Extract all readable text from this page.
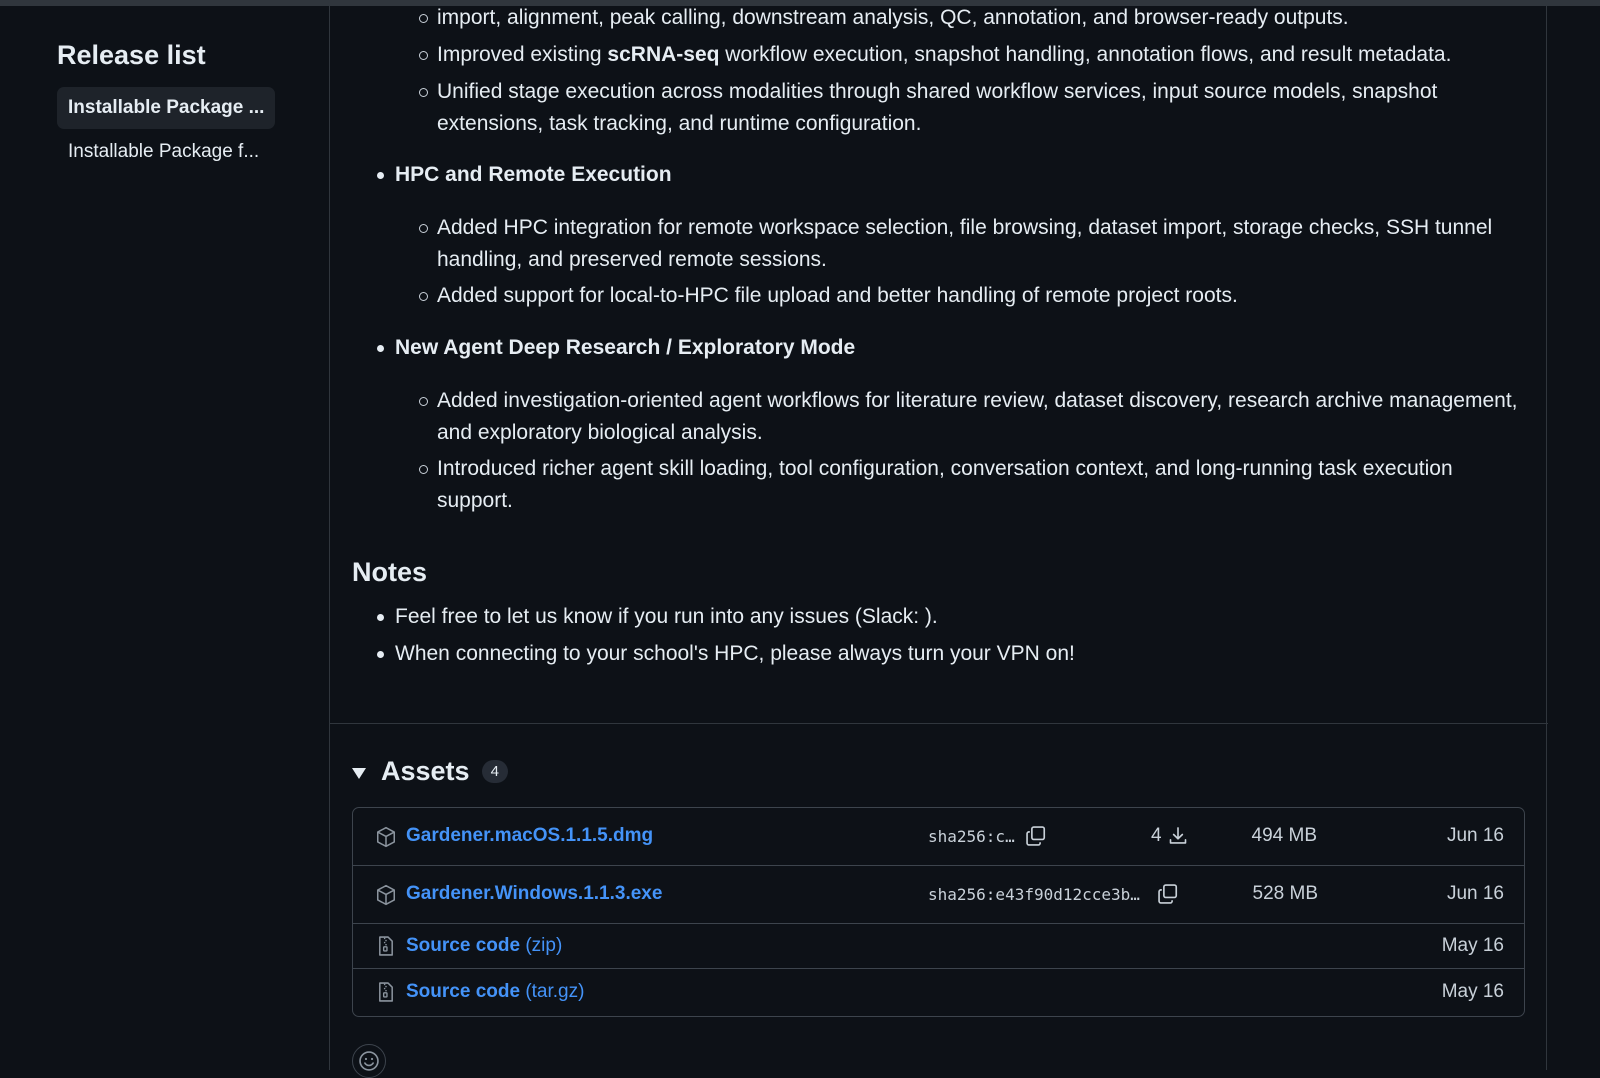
Release list
Installable Package ...
Installable Package f...
import, alignment, peak calling, downstream analysis, QC, annotation, and browser-ready outputs.
Improved existing scRNA-seq workflow execution, snapshot handling, annotation flows, and result metadata.
Unified stage execution across modalities through shared workflow services, input source models, snapshot extensions, task tracking, and runtime configuration.
HPC and Remote Execution
Added HPC integration for remote workspace selection, file browsing, dataset import, storage checks, SSH tunnel handling, and preserved remote sessions.
Added support for local-to-HPC file upload and better handling of remote project roots.
New Agent Deep Research / Exploratory Mode
Added investigation-oriented agent workflows for literature review, dataset discovery, research archive management, and exploratory biological analysis.
Introduced richer agent skill loading, tool configuration, conversation context, and long-running task execution support.
Notes
Feel free to let us know if you run into any issues (Slack: ).
When connecting to your school's HPC, please always turn your VPN on!
Assets	4
Gardener.macOS.1.1.5.dmg	sha256:c…	4	494 MB	Jun 16
Gardener.Windows.1.1.3.exe	sha256:e43f90d12cce3b…	528 MB	Jun 16
Source code (zip)	May 16
Source code (tar.gz)	May 16
